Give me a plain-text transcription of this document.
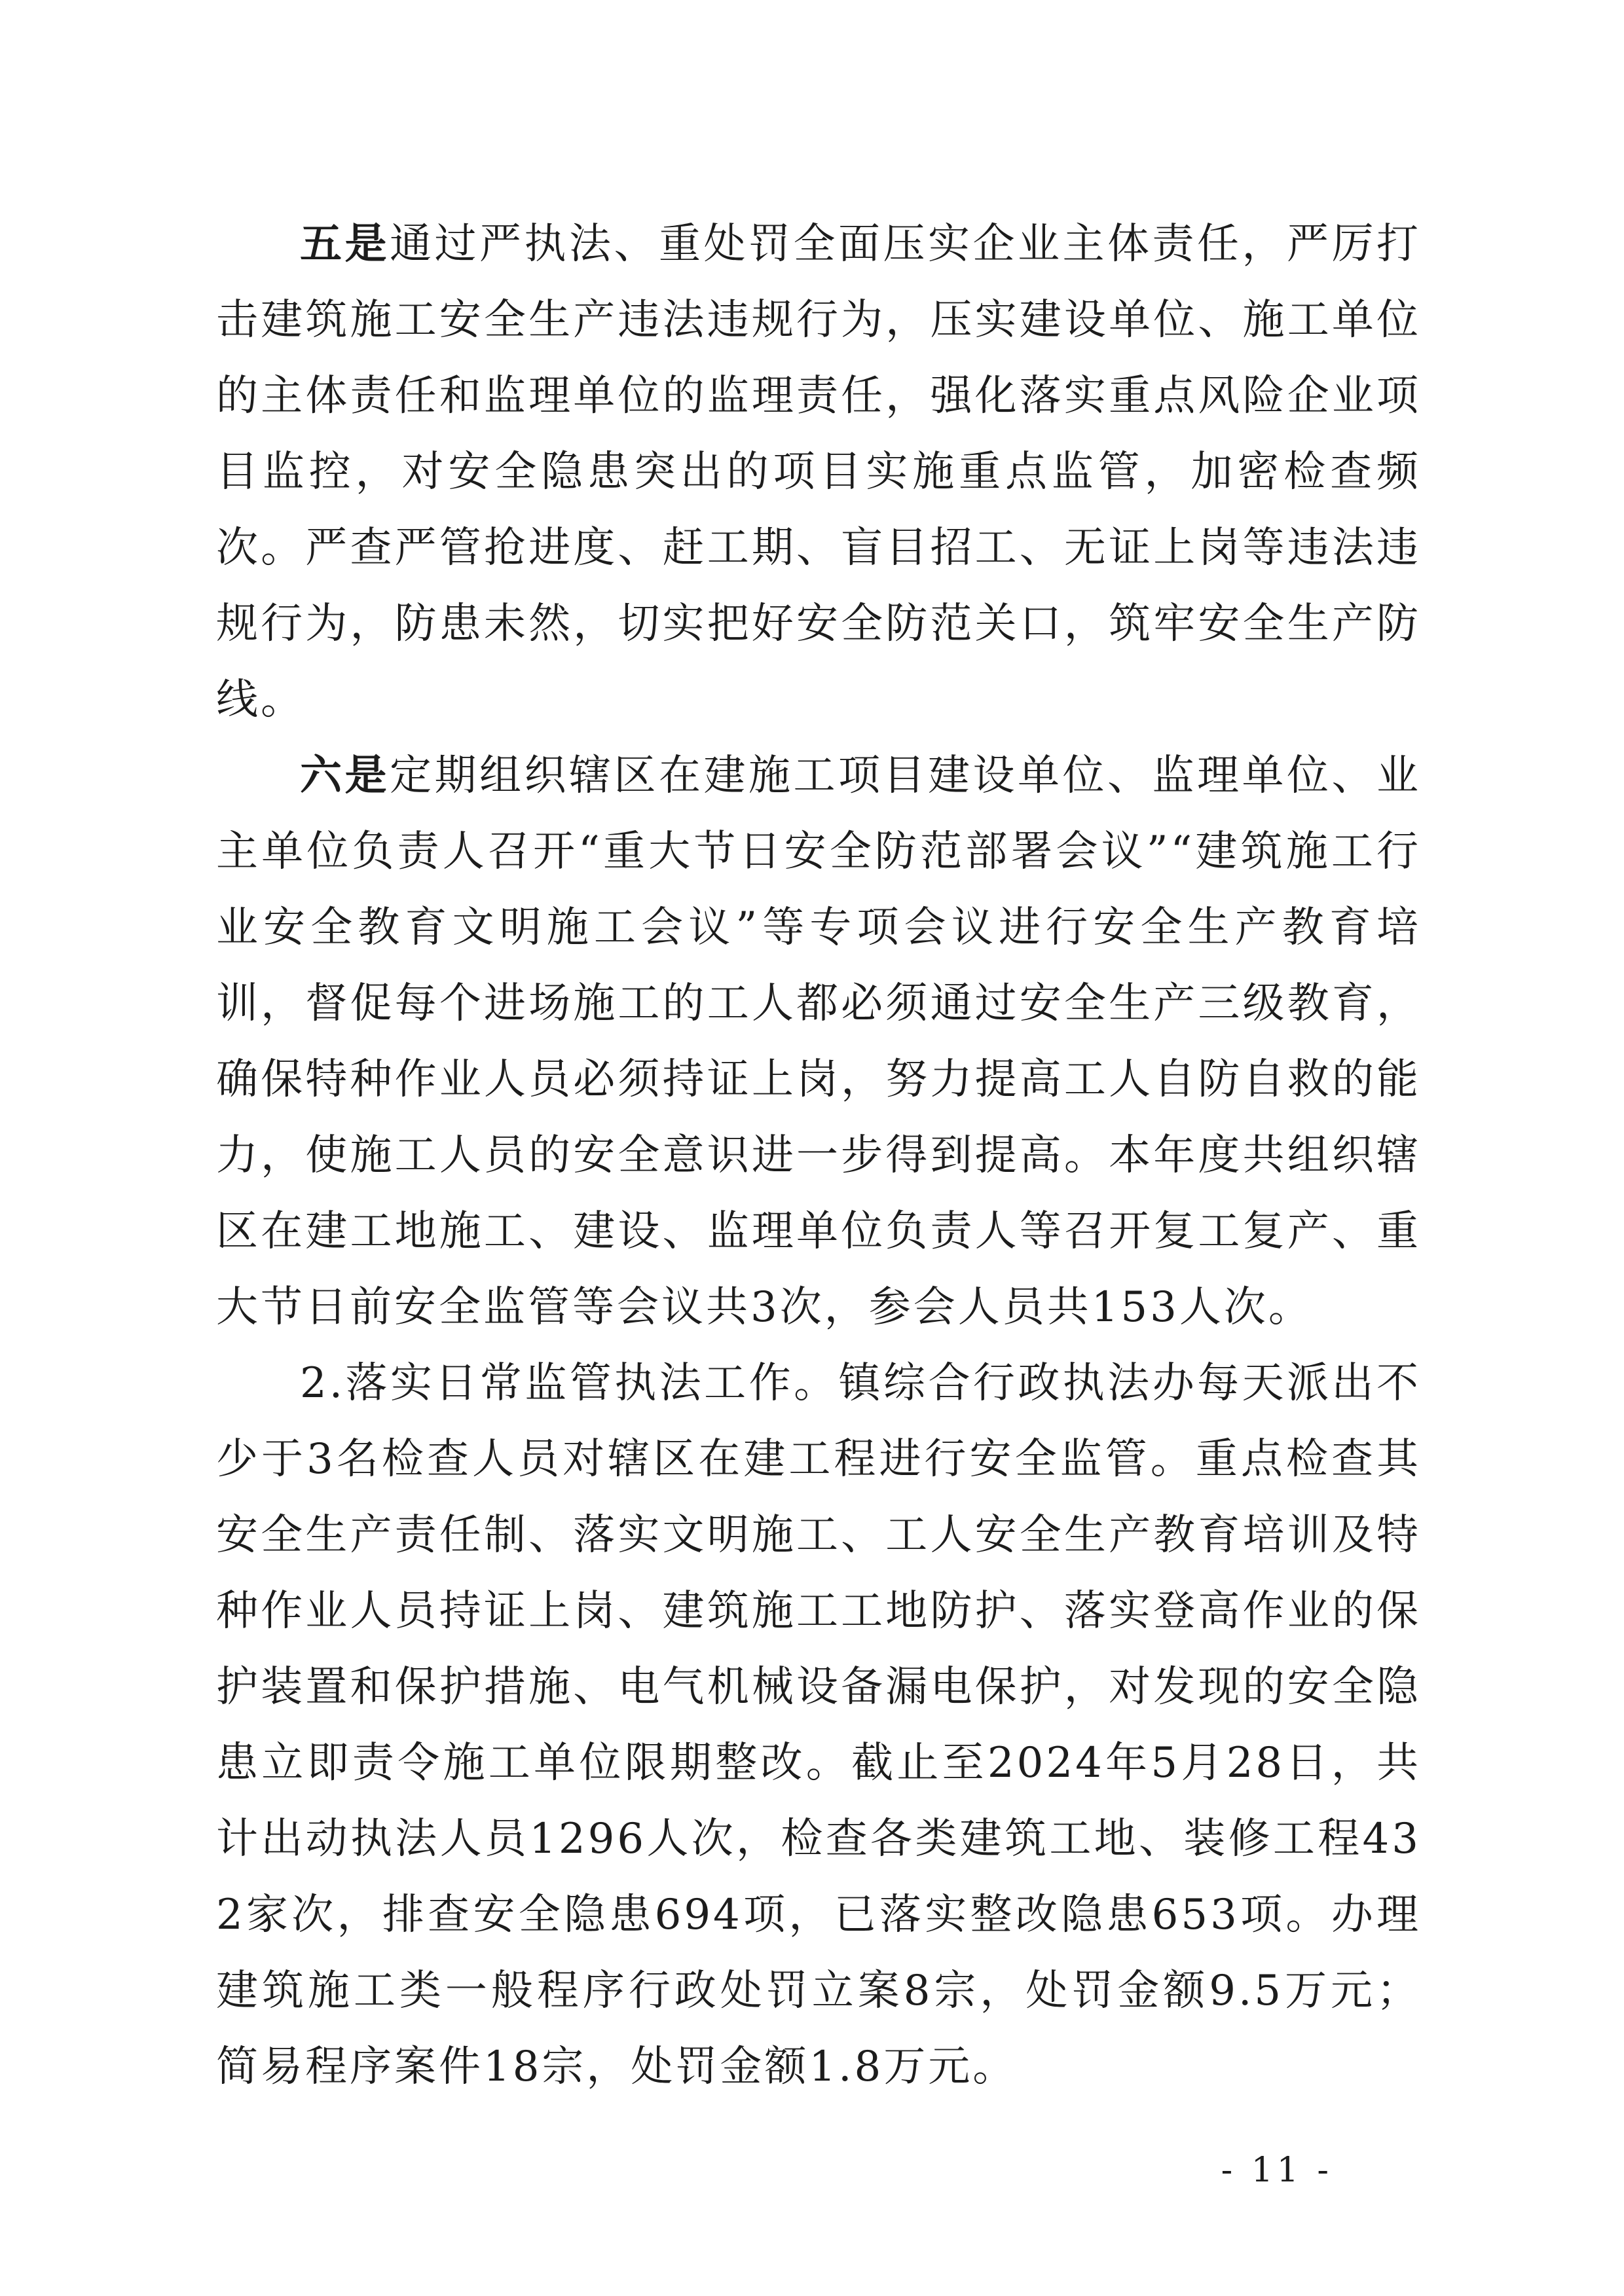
五是通过严执法、重处罚全面压实企业主体责任，严厉打击建筑施工安全生产违法违规行为，压实建设单位、施工单位的主体责任和监理单位的监理责任，强化落实重点风险企业项目监控，对安全隐患突出的项目实施重点监管，加密检查频次。严查严管抢进度、赶工期、盲目招工、无证上岗等违法违规行为，防患未然，切实把好安全防范关口，筑牢安全生产防线。

六是定期组织辖区在建施工项目建设单位、监理单位、业主单位负责人召开“重大节日安全防范部署会议”“建筑施工行业安全教育文明施工会议”等专项会议进行安全生产教育培训，督促每个进场施工的工人都必须通过安全生产三级教育，确保特种作业人员必须持证上岗，努力提高工人自防自救的能力，使施工人员的安全意识进一步得到提高。本年度共组织辖区在建工地施工、建设、监理单位负责人等召开复工复产、重大节日前安全监管等会议共3次，参会人员共153人次。

2.落实日常监管执法工作。镇综合行政执法办每天派出不少于3名检查人员对辖区在建工程进行安全监管。重点检查其安全生产责任制、落实文明施工、工人安全生产教育培训及特种作业人员持证上岗、建筑施工工地防护、落实登高作业的保护装置和保护措施、电气机械设备漏电保护，对发现的安全隐患立即责令施工单位限期整改。截止至2024年5月28日，共计出动执法人员1296人次，检查各类建筑工地、装修工程432家次，排查安全隐患694项，已落实整改隐患653项。办理建筑施工类一般程序行政处罚立案8宗，处罚金额9.5万元；简易程序案件18宗，处罚金额1.8万元。

- 11 -
